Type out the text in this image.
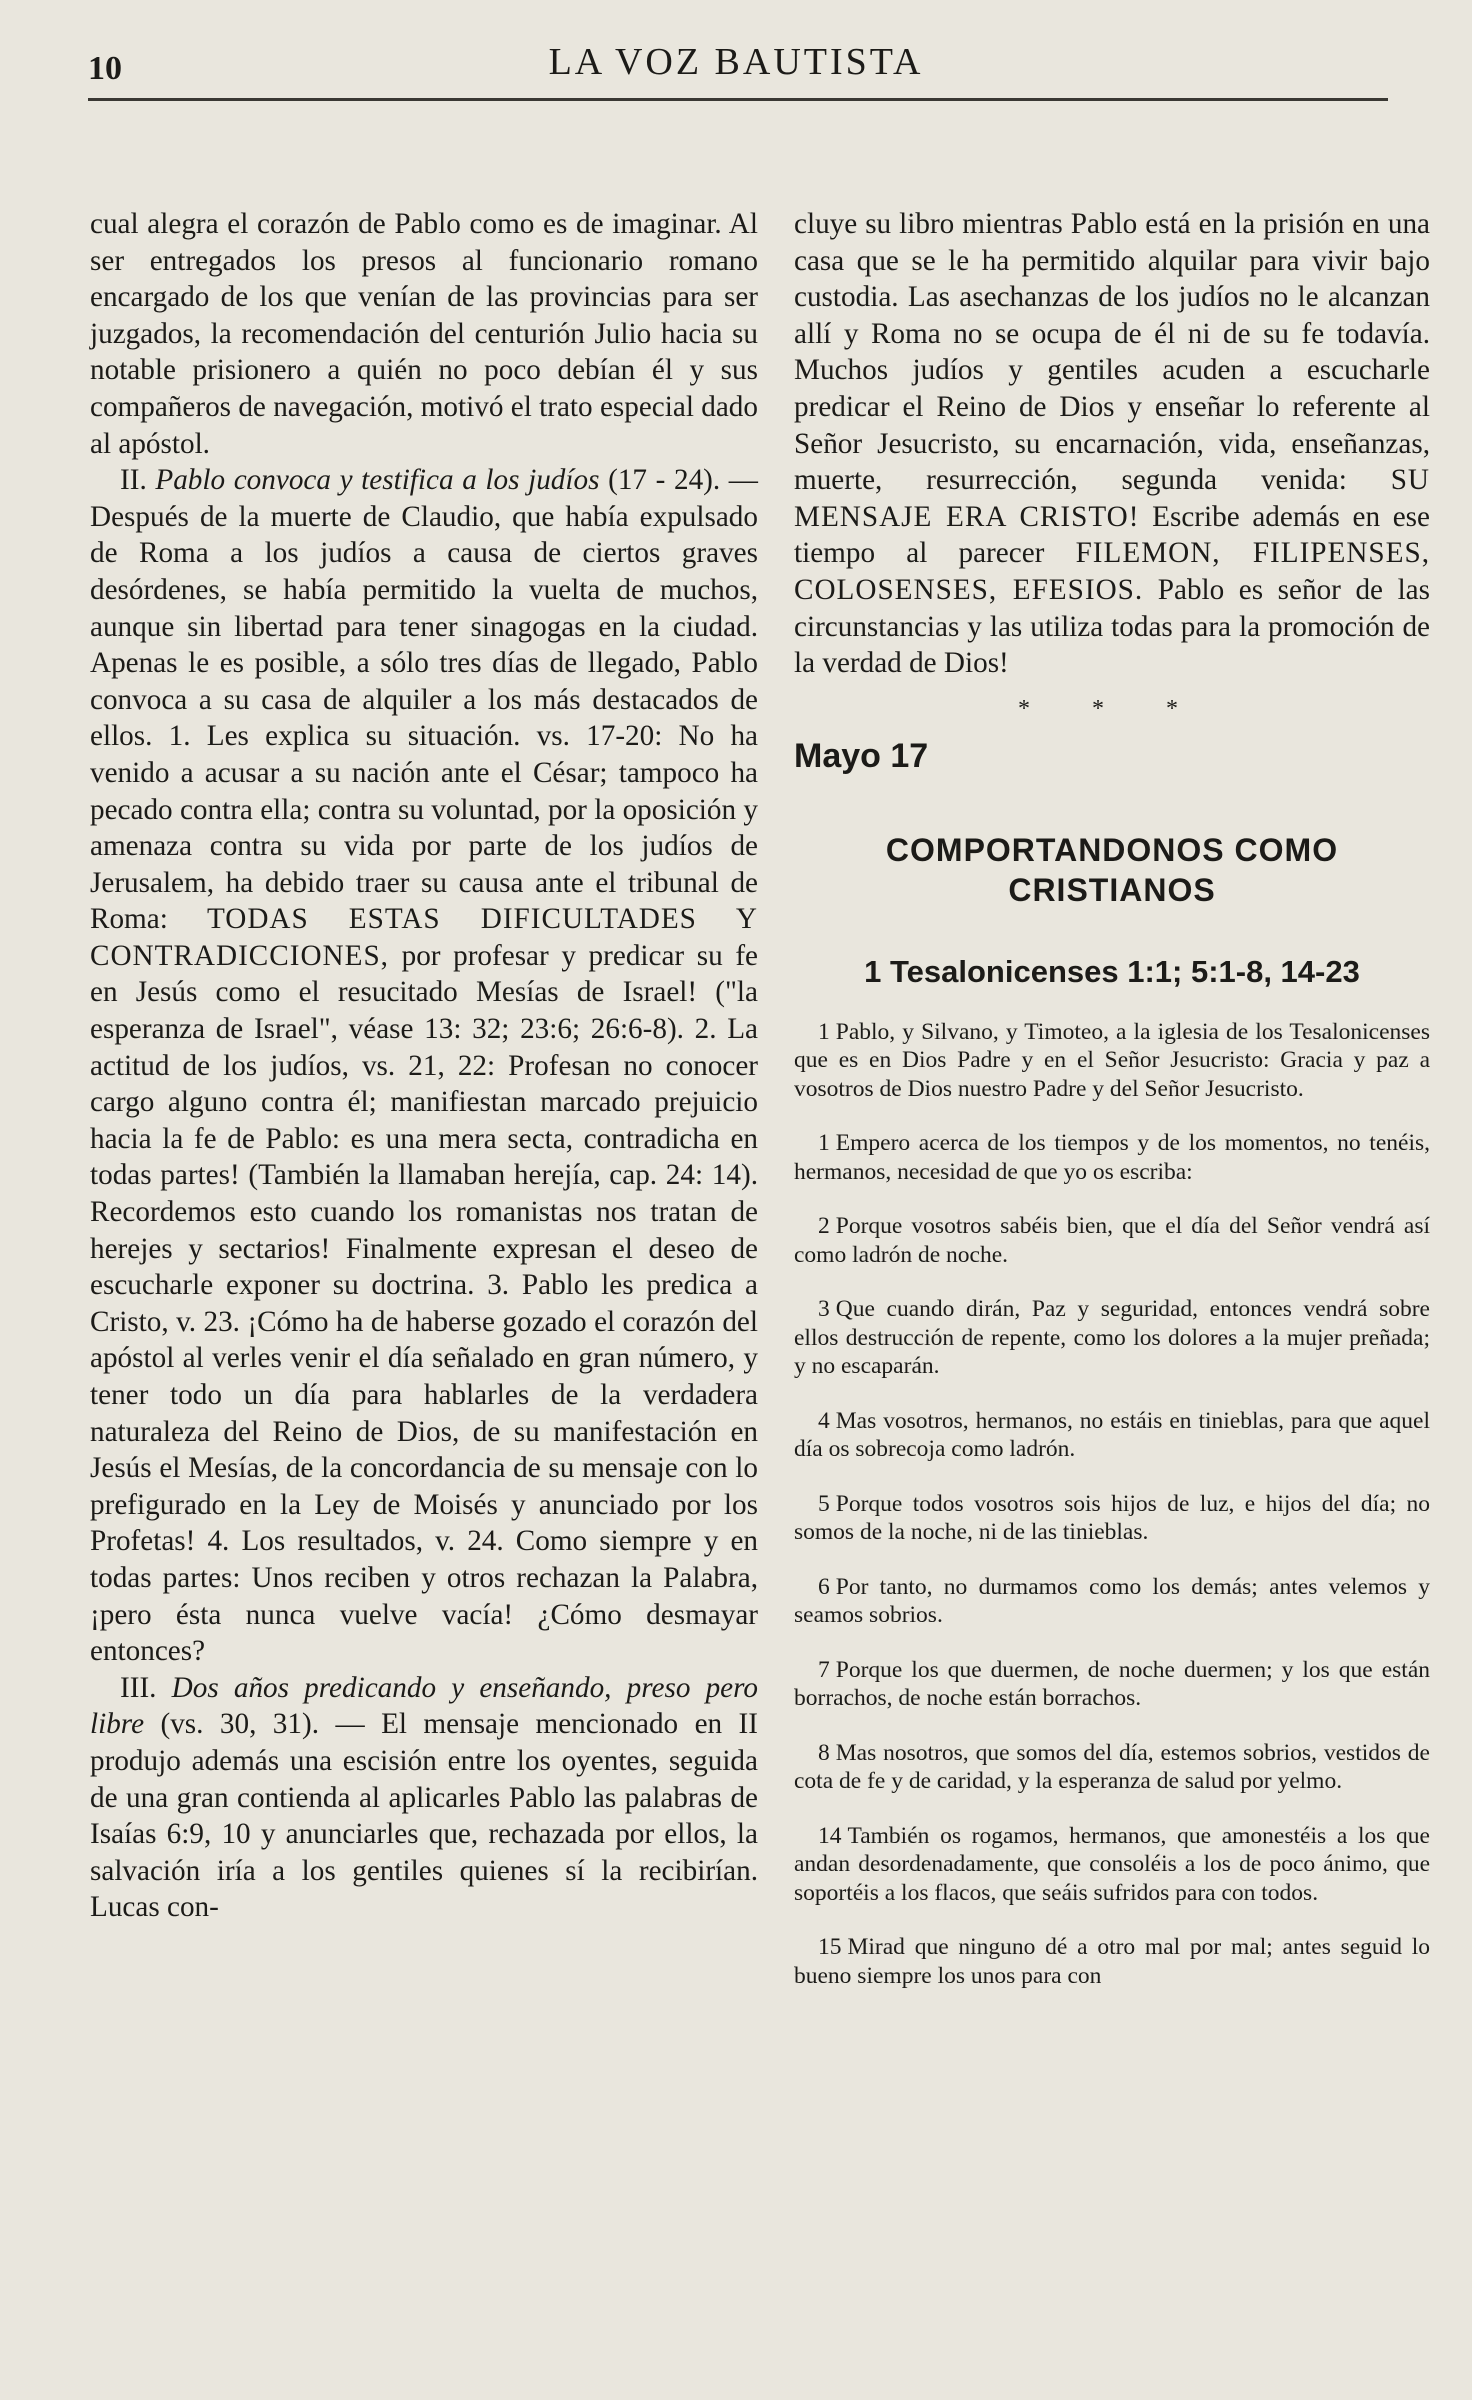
10	LA VOZ BAUTISTA

cual alegra el corazón de Pablo como es de imaginar. Al ser entregados los presos al funcionario romano encargado de los que venían de las provincias para ser juzgados, la recomendación del centurión Julio hacia su notable prisionero a quién no poco debían él y sus compañeros de navegación, motivó el trato especial dado al apóstol.

II. Pablo convoca y testifica a los judíos (17 - 24). — Después de la muerte de Claudio, que había expulsado de Roma a los judíos a causa de ciertos graves desórdenes, se había permitido la vuelta de muchos, aunque sin libertad para tener sinagogas en la ciudad. Apenas le es posible, a sólo tres días de llegado, Pablo convoca a su casa de alquiler a los más destacados de ellos. 1. Les explica su situación. vs. 17-20: No ha venido a acusar a su nación ante el César; tampoco ha pecado contra ella; contra su voluntad, por la oposición y amenaza contra su vida por parte de los judíos de Jerusalem, ha debido traer su causa ante el tribunal de Roma: TODAS ESTAS DIFICULTADES Y CONTRADICCIONES, por profesar y predicar su fe en Jesús como el resucitado Mesías de Israel! ("la esperanza de Israel", véase 13: 32; 23:6; 26:6-8). 2. La actitud de los judíos, vs. 21, 22: Profesan no conocer cargo alguno contra él; manifiestan marcado prejuicio hacia la fe de Pablo: es una mera secta, contradicha en todas partes! (También la llamaban herejía, cap. 24: 14). Recordemos esto cuando los romanistas nos tratan de herejes y sectarios! Finalmente expresan el deseo de escucharle exponer su doctrina. 3. Pablo les predica a Cristo, v. 23. ¡Cómo ha de haberse gozado el corazón del apóstol al verles venir el día señalado en gran número, y tener todo un día para hablarles de la verdadera naturaleza del Reino de Dios, de su manifestación en Jesús el Mesías, de la concordancia de su mensaje con lo prefigurado en la Ley de Moisés y anunciado por los Profetas! 4. Los resultados, v. 24. Como siempre y en todas partes: Unos reciben y otros rechazan la Palabra, ¡pero ésta nunca vuelve vacía! ¿Cómo desmayar entonces?

III. Dos años predicando y enseñando, preso pero libre (vs. 30, 31). — El mensaje mencionado en II produjo además una escisión entre los oyentes, seguida de una gran contienda al aplicarles Pablo las palabras de Isaías 6:9, 10 y anunciarles que, rechazada por ellos, la salvación iría a los gentiles quienes sí la recibirían. Lucas con-

cluye su libro mientras Pablo está en la prisión en una casa que se le ha permitido alquilar para vivir bajo custodia. Las asechanzas de los judíos no le alcanzan allí y Roma no se ocupa de él ni de su fe todavía. Muchos judíos y gentiles acuden a escucharle predicar el Reino de Dios y enseñar lo referente al Señor Jesucristo, su encarnación, vida, enseñanzas, muerte, resurrección, segunda venida: SU MENSAJE ERA CRISTO! Escribe además en ese tiempo al parecer FILEMON, FILIPENSES, COLOSENSES, EFESIOS. Pablo es señor de las circunstancias y las utiliza todas para la promoción de la verdad de Dios!

* * *
Mayo 17
COMPORTANDONOS COMO CRISTIANOS
1 Tesalonicenses 1:1; 5:1-8, 14-23
1 Pablo, y Silvano, y Timoteo, a la iglesia de los Tesalonicenses que es en Dios Padre y en el Señor Jesucristo: Gracia y paz a vosotros de Dios nuestro Padre y del Señor Jesucristo.
1 Empero acerca de los tiempos y de los momentos, no tenéis, hermanos, necesidad de que yo os escriba:
2 Porque vosotros sabéis bien, que el día del Señor vendrá así como ladrón de noche.
3 Que cuando dirán, Paz y seguridad, entonces vendrá sobre ellos destrucción de repente, como los dolores a la mujer preñada; y no escaparán.
4 Mas vosotros, hermanos, no estáis en tinieblas, para que aquel día os sobrecoja como ladrón.
5 Porque todos vosotros sois hijos de luz, e hijos del día; no somos de la noche, ni de las tinieblas.
6 Por tanto, no durmamos como los demás; antes velemos y seamos sobrios.
7 Porque los que duermen, de noche duermen; y los que están borrachos, de noche están borrachos.
8 Mas nosotros, que somos del día, estemos sobrios, vestidos de cota de fe y de caridad, y la esperanza de salud por yelmo.
14 También os rogamos, hermanos, que amonestéis a los que andan desordenadamente, que consoléis a los de poco ánimo, que soportéis a los flacos, que seáis sufridos para con todos.
15 Mirad que ninguno dé a otro mal por mal; antes seguid lo bueno siempre los unos para con
